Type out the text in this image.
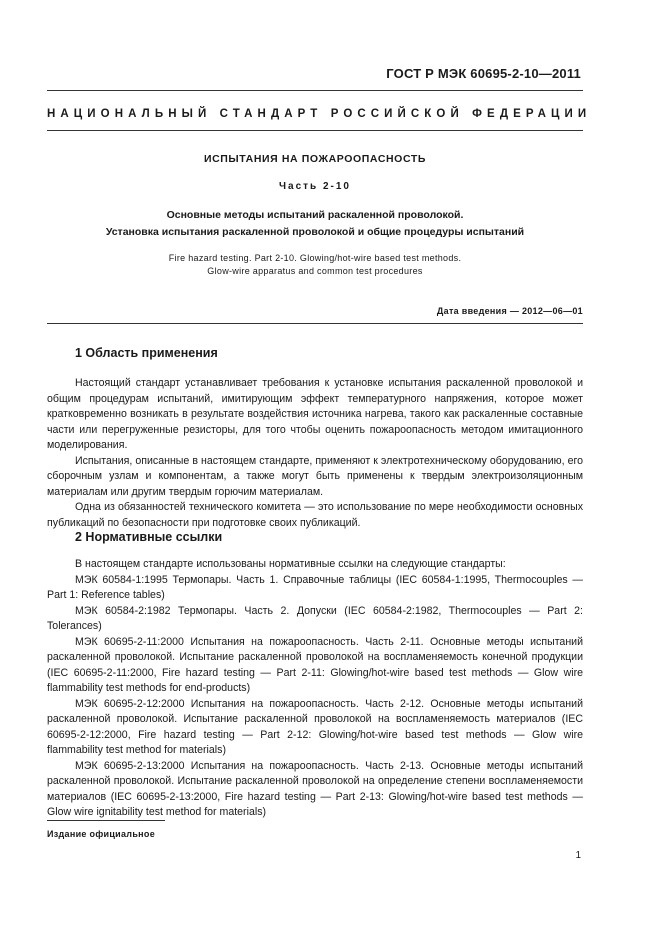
ГОСТ Р МЭК 60695-2-10—2011
НАЦИОНАЛЬНЫЙ СТАНДАРТ РОССИЙСКОЙ ФЕДЕРАЦИИ
ИСПЫТАНИЯ НА ПОЖАРООПАСНОСТЬ
Часть 2-10
Основные методы испытаний раскаленной проволокой.
Установка испытания раскаленной проволокой и общие процедуры испытаний
Fire hazard testing. Part 2-10. Glowing/hot-wire based test methods.
Glow-wire apparatus and common test procedures
Дата введения — 2012—06—01
1 Область применения

Настоящий стандарт устанавливает требования к установке испытания раскаленной проволокой и общим процедурам испытаний, имитирующим эффект температурного напряжения, которое может кратковременно возникать в результате воздействия источника нагрева, такого как раскаленные составные части или перегруженные резисторы, для того чтобы оценить пожароопасность методом имитационного моделирования.

Испытания, описанные в настоящем стандарте, применяют к электротехническому оборудованию, его сборочным узлам и компонентам, а также могут быть применены к твердым электроизоляционным материалам или другим твердым горючим материалам.

Одна из обязанностей технического комитета — это использование по мере необходимости основных публикаций по безопасности при подготовке своих публикаций.

2 Нормативные ссылки

В настоящем стандарте использованы нормативные ссылки на следующие стандарты:

МЭК 60584-1:1995 Термопары. Часть 1. Справочные таблицы (IEC 60584-1:1995, Thermocouples — Part 1: Reference tables)

МЭК 60584-2:1982 Термопары. Часть 2. Допуски (IEC 60584-2:1982, Thermocouples — Part 2: Tolerances)

МЭК 60695-2-11:2000 Испытания на пожароопасность. Часть 2-11. Основные методы испытаний раскаленной проволокой. Испытание раскаленной проволокой на воспламеняемость конечной продукции (IEC 60695-2-11:2000, Fire hazard testing — Part 2-11: Glowing/hot-wire based test methods — Glow wire flammability test methods for end-products)

МЭК 60695-2-12:2000 Испытания на пожароопасность. Часть 2-12. Основные методы испытаний раскаленной проволокой. Испытание раскаленной проволокой на воспламеняемость материалов (IEC 60695-2-12:2000, Fire hazard testing — Part 2-12: Glowing/hot-wire based test methods — Glow wire flammability test method for materials)

МЭК 60695-2-13:2000 Испытания на пожароопасность. Часть 2-13. Основные методы испытаний раскаленной проволокой. Испытание раскаленной проволокой на определение степени воспламеняемости материалов (IEC 60695-2-13:2000, Fire hazard testing — Part 2-13: Glowing/hot-wire based test methods — Glow wire ignitability test method for materials)

Издание официальное
1
